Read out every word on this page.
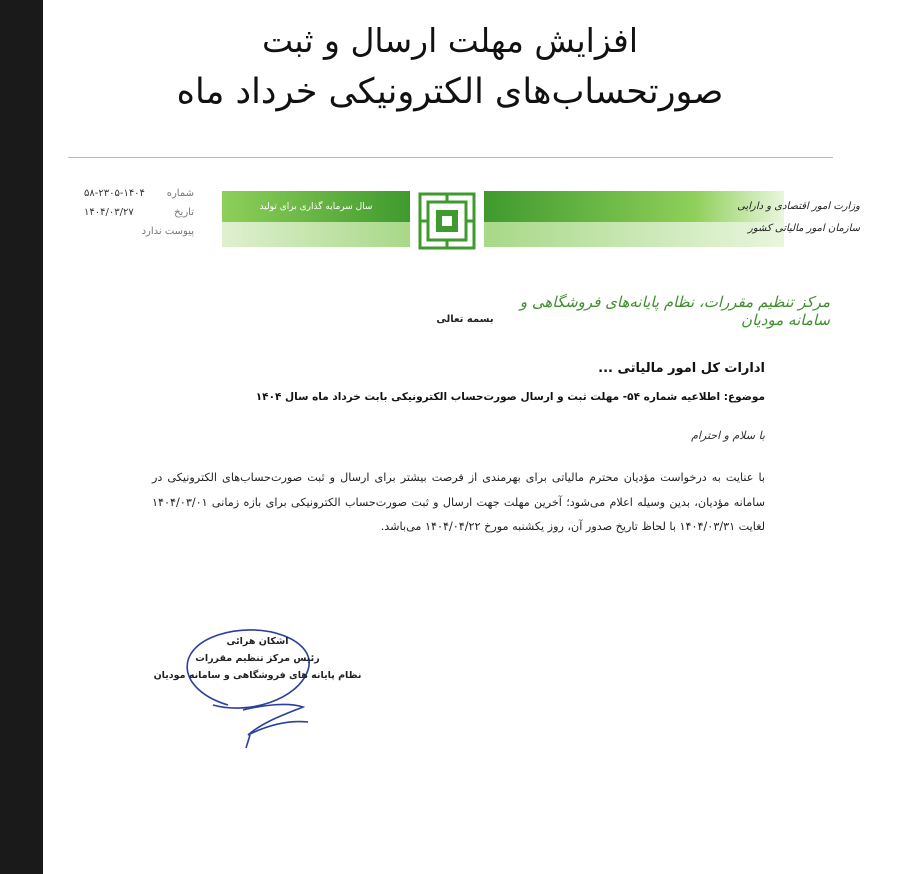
افزایش مهلت ارسال و ثبت
صورتحساب‌های الکترونیکی خرداد ماه
شماره
۵۸-۲۳۰۵-۱۴۰۴
تاریخ
۱۴۰۴/۰۳/۲۷
پیوست ندارد
سال سرمایه گذاری برای تولید	وزارت امور اقتصادی و دارایی
سازمان امور مالیاتی کشور
مرکز تنظیم مقررات، نظام پایانه‌های فروشگاهی و سامانه مودیان
بسمه تعالی
ادارات کل امور مالیاتی ...
موضوع: اطلاعیه شماره ۵۴- مهلت ثبت و ارسال صورت‌حساب الکترونیکی بابت خرداد ماه سال ۱۴۰۴
با سلام و احترام
با عنایت به درخواست مؤدیان محترم مالیاتی برای بهرمندی از فرصت بیشتر برای ارسال و ثبت صورت‌حساب‌های الکترونیکی در سامانه مؤدیان، بدین وسیله اعلام می‌شود؛ آخرین مهلت جهت ارسال و ثبت صورت‌حساب الکترونیکی برای بازه زمانی ۱۴۰۴/۰۳/۰۱ لغایت ۱۴۰۴/۰۳/۳۱ با لحاظ تاریخ صدور آن، روز یکشنبه مورخ ۱۴۰۴/۰۴/۲۲ می‌باشد.
اشکان هرائی
رئیس مرکز تنظیم مقررات
نظام پایانه های فروشگاهی و سامانه مودیان
